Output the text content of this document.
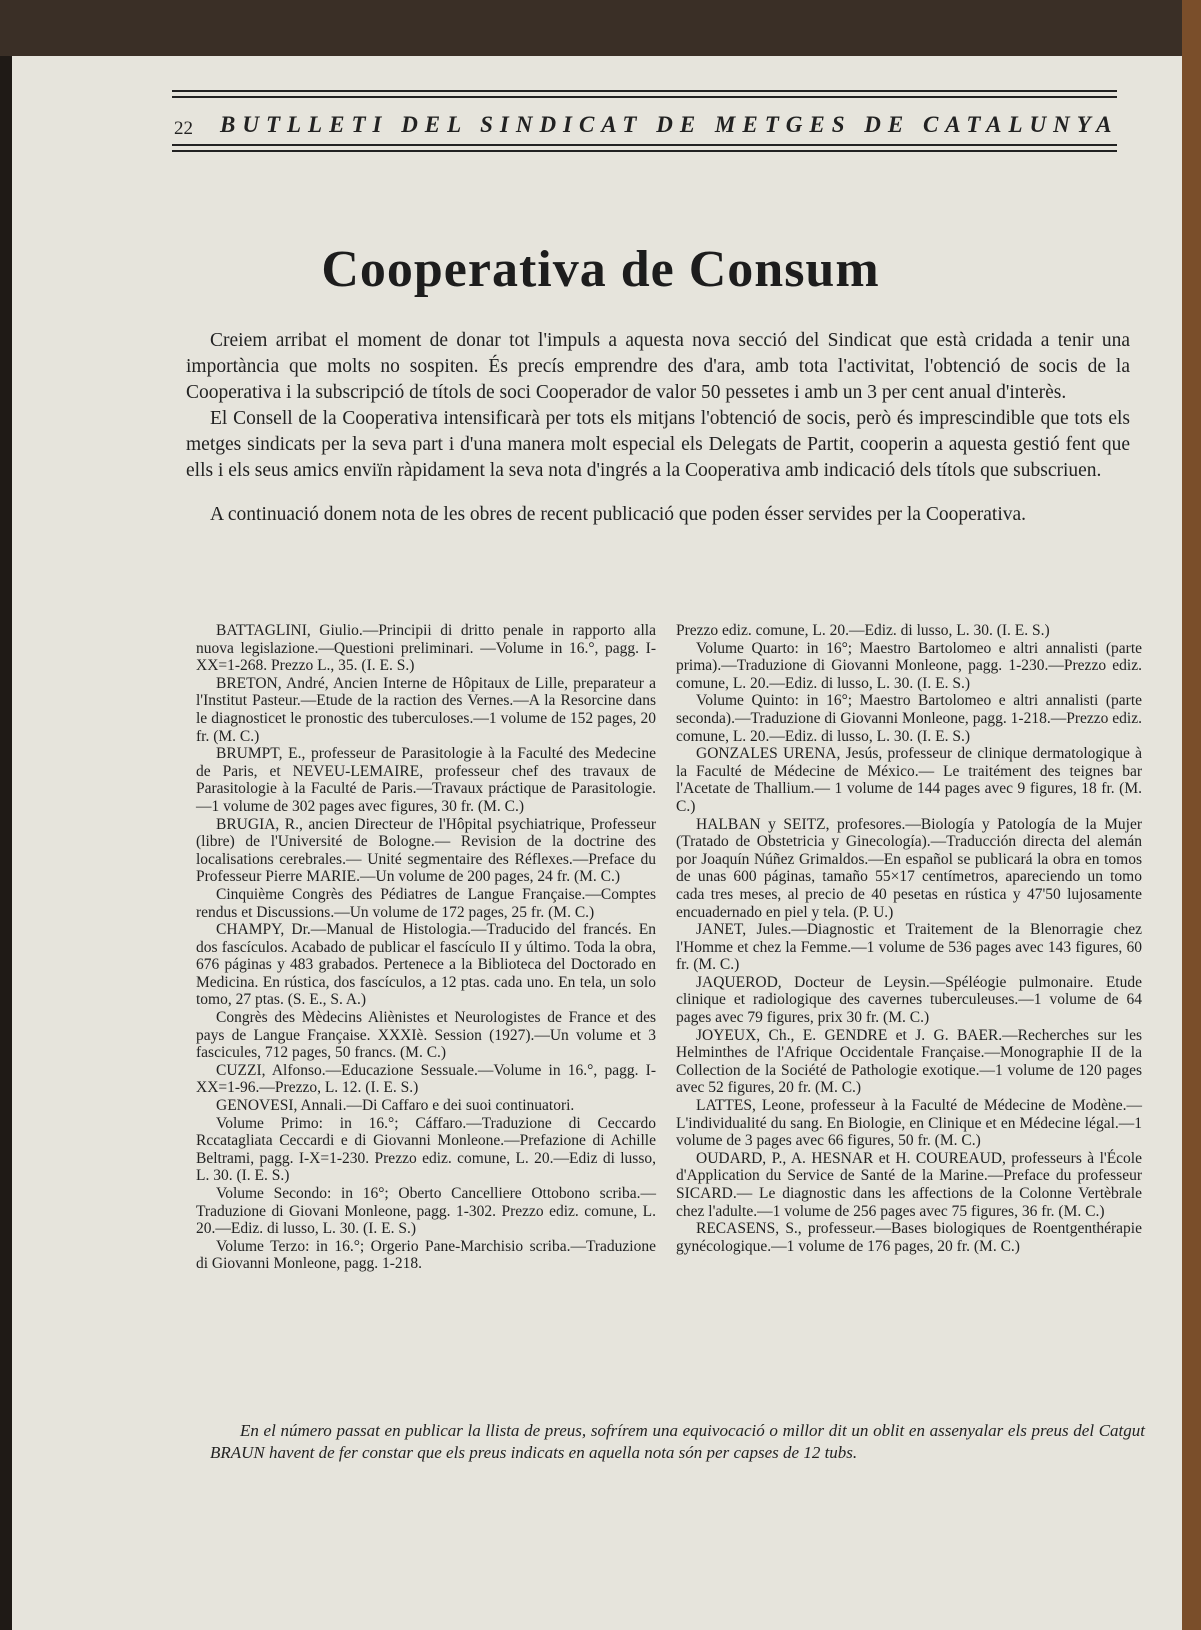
22 BUTLLETI DEL SINDICAT DE METGES DE CATALUNYA
Cooperativa de Consum

Creiem arribat el moment de donar tot l'impuls a aquesta nova secció del Sindicat que està cridada a tenir una importància que molts no sospiten. És precís emprendre des d'ara, amb tota l'activitat, l'obtenció de socis de la Cooperativa i la subscripció de títols de soci Cooperador de valor 50 pessetes i amb un 3 per cent anual d'interès.

El Consell de la Cooperativa intensificarà per tots els mitjans l'obtenció de socis, però és imprescindible que tots els metges sindicats per la seva part i d'una manera molt especial els Delegats de Partit, cooperin a aquesta gestió fent que ells i els seus amics enviïn ràpidament la seva nota d'ingrés a la Cooperativa amb indicació dels títols que subscriuen.

A continuació donem nota de les obres de recent publicació que poden ésser servides per la Cooperativa.

BATTAGLINI, Giulio.—Principii di dritto penale in rapporto alla nuova legislazione.—Questioni preliminari. —Volume in 16.°, pagg. I-XX=1-268. Prezzo L., 35. (I. E. S.)

BRETON, André, Ancien Interne de Hôpitaux de Lille, preparateur a l'Institut Pasteur.—Etude de la raction des Vernes.—A la Resorcine dans le diagnosticet le pronostic des tuberculoses.—1 volume de 152 pages, 20 fr. (M. C.)

BRUMPT, E., professeur de Parasitologie à la Faculté des Medecine de Paris, et NEVEU-LEMAIRE, professeur chef des travaux de Parasitologie à la Faculté de Paris.—Travaux práctique de Parasitologie.—1 volume de 302 pages avec figures, 30 fr. (M. C.)

BRUGIA, R., ancien Directeur de l'Hôpital psychiatrique, Professeur (libre) de l'Université de Bologne.— Revision de la doctrine des localisations cerebrales.— Unité segmentaire des Réflexes.—Preface du Professeur Pierre MARIE.—Un volume de 200 pages, 24 fr. (M. C.)

Cinquième Congrès des Pédiatres de Langue Française.—Comptes rendus et Discussions.—Un volume de 172 pages, 25 fr. (M. C.)

CHAMPY, Dr.—Manual de Histologia.—Traducido del francés. En dos fascículos. Acabado de publicar el fascículo II y último. Toda la obra, 676 páginas y 483 grabados. Pertenece a la Biblioteca del Doctorado en Medicina. En rústica, dos fascículos, a 12 ptas. cada uno. En tela, un solo tomo, 27 ptas. (S. E., S. A.)

Congrès des Mèdecins Aliènistes et Neurologistes de France et des pays de Langue Française. XXXIè. Session (1927).—Un volume et 3 fascicules, 712 pages, 50 francs. (M. C.)

CUZZI, Alfonso.—Educazione Sessuale.—Volume in 16.°, pagg. I-XX=1-96.—Prezzo, L. 12. (I. E. S.)

GENOVESI, Annali.—Di Caffaro e dei suoi continuatori.

Volume Primo: in 16.°; Cáffaro.—Traduzione di Ceccardo Rccatagliata Ceccardi e di Giovanni Monleone.—Prefazione di Achille Beltrami, pagg. I-X=1-230. Prezzo ediz. comune, L. 20.—Ediz di lusso, L. 30. (I. E. S.)

Volume Secondo: in 16°; Oberto Cancelliere Ottobono scriba.—Traduzione di Giovani Monleone, pagg. 1-302. Prezzo ediz. comune, L. 20.—Ediz. di lusso, L. 30. (I. E. S.)

Volume Terzo: in 16.°; Orgerio Pane-Marchisio scriba.—Traduzione di Giovanni Monleone, pagg. 1-218.

Prezzo ediz. comune, L. 20.—Ediz. di lusso, L. 30. (I. E. S.)

Volume Quarto: in 16°; Maestro Bartolomeo e altri annalisti (parte prima).—Traduzione di Giovanni Monleone, pagg. 1-230.—Prezzo ediz. comune, L. 20.—Ediz. di lusso, L. 30. (I. E. S.)

Volume Quinto: in 16°; Maestro Bartolomeo e altri annalisti (parte seconda).—Traduzione di Giovanni Monleone, pagg. 1-218.—Prezzo ediz. comune, L. 20.—Ediz. di lusso, L. 30. (I. E. S.)

GONZALES URENA, Jesús, professeur de clinique dermatologique à la Faculté de Médecine de México.— Le traitément des teignes bar l'Acetate de Thallium.— 1 volume de 144 pages avec 9 figures, 18 fr. (M. C.)

HALBAN y SEITZ, profesores.—Biología y Patología de la Mujer (Tratado de Obstetricia y Ginecología).—Traducción directa del alemán por Joaquín Núñez Grimaldos.—En español se publicará la obra en tomos de unas 600 páginas, tamaño 55×17 centímetros, apareciendo un tomo cada tres meses, al precio de 40 pesetas en rústica y 47'50 lujosamente encuadernado en piel y tela. (P. U.)

JANET, Jules.—Diagnostic et Traitement de la Blenorragie chez l'Homme et chez la Femme.—1 volume de 536 pages avec 143 figures, 60 fr. (M. C.)

JAQUEROD, Docteur de Leysin.—Spéléogie pulmonaire. Etude clinique et radiologique des cavernes tuberculeuses.—1 volume de 64 pages avec 79 figures, prix 30 fr. (M. C.)

JOYEUX, Ch., E. GENDRE et J. G. BAER.—Recherches sur les Helminthes de l'Afrique Occidentale Française.—Monographie II de la Collection de la Société de Pathologie exotique.—1 volume de 120 pages avec 52 figures, 20 fr. (M. C.)

LATTES, Leone, professeur à la Faculté de Médecine de Modène.—L'individualité du sang. En Biologie, en Clinique et en Médecine légal.—1 volume de 3 pages avec 66 figures, 50 fr. (M. C.)

OUDARD, P., A. HESNAR et H. COUREAUD, professeurs à l'École d'Application du Service de Santé de la Marine.—Preface du professeur SICARD.— Le diagnostic dans les affections de la Colonne Vertèbrale chez l'adulte.—1 volume de 256 pages avec 75 figures, 36 fr. (M. C.)

RECASENS, S., professeur.—Bases biologiques de Roentgenthérapie gynécologique.—1 volume de 176 pages, 20 fr. (M. C.)

En el número passat en publicar la llista de preus, sofrírem una equivocació o millor dit un oblit en assenyalar els preus del Catgut BRAUN havent de fer constar que els preus indicats en aquella nota són per capses de 12 tubs.
